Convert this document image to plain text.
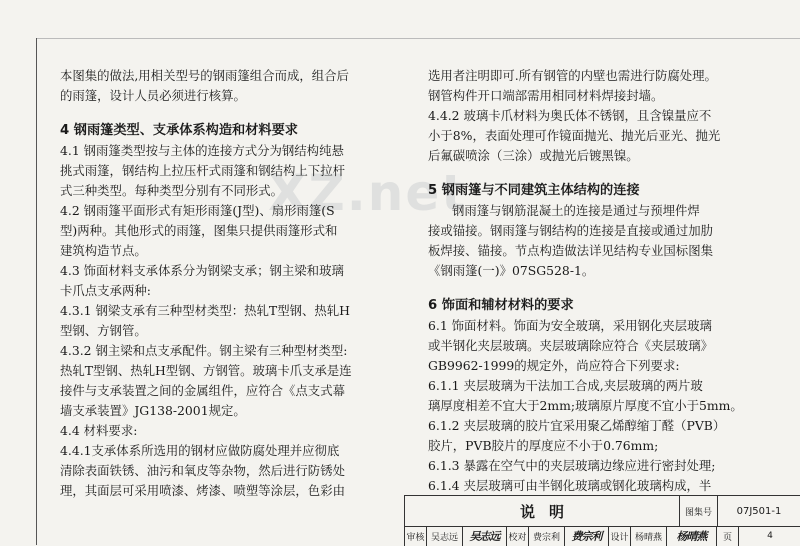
XZ.net

本图集的做法,用相关型号的钢雨篷组合而成，组合后

的雨篷，设计人员必须进行核算。

4 钢雨篷类型、支承体系构造和材料要求

4.1 钢雨篷类型按与主体的连接方式分为钢结构纯悬

挑式雨篷，钢结构上拉压杆式雨篷和钢结构上下拉杆

式三种类型。每种类型分别有不同形式。

4.2 钢雨篷平面形式有矩形雨篷(J型)、扇形雨篷(S

型)两种。其他形式的雨篷，图集只提供雨篷形式和

建筑构造节点。

4.3 饰面材料支承体系分为钢梁支承；钢主梁和玻璃

卡爪点支承两种:

4.3.1 钢梁支承有三种型材类型：热轧T型钢、热轧H

型钢、方钢管。

4.3.2 钢主梁和点支承配件。钢主梁有三种型材类型:

热轧T型钢、热轧H型钢、方钢管。玻璃卡爪支承是连

接件与支承装置之间的金属组件，应符合《点支式幕

墙支承装置》JG138-2001规定。

4.4 材料要求:

4.4.1支承体系所选用的钢材应做防腐处理并应彻底

清除表面铁锈、油污和氧皮等杂物，然后进行防锈处

理，其面层可采用喷漆、烤漆、喷塑等涂层，色彩由

选用者注明即可.所有钢管的内壁也需进行防腐处理。

钢管构件开口端部需用相同材料焊接封墙。

4.4.2 玻璃卡爪材料为奥氏体不锈钢，且含镍量应不

小于8%，表面处理可作镜面抛光、抛光后亚光、抛光

后氟碳喷涂（三涂）或抛光后镀黑镍。

5 钢雨篷与不同建筑主体结构的连接

钢雨篷与钢筋混凝土的连接是通过与预埋件焊

接或锚接。钢雨篷与钢结构的连接是直接或通过加肋

板焊接、锚接。节点构造做法详见结构专业国标图集

《钢雨篷(一)》07SG528-1。

6 饰面和辅材材料的要求

6.1 饰面材料。饰面为安全玻璃，采用钢化夹层玻璃

或半钢化夹层玻璃。夹层玻璃除应符合《夹层玻璃》

GB9962-1999的规定外，尚应符合下列要求:

6.1.1 夹层玻璃为干法加工合成,夹层玻璃的两片玻

璃厚度相差不宜大于2mm;玻璃原片厚度不宜小于5mm。

6.1.2 夹层玻璃的胶片宜采用聚乙烯醇缩丁醛（PVB）

胶片，PVB胶片的厚度应不小于0.76mm;

6.1.3 暴露在空气中的夹层玻璃边缘应进行密封处理;

6.1.4 夹层玻璃可由半钢化玻璃或钢化玻璃构成，半

说明	图集号	07J501-1
审核 吴志远	吴志远 校对 费宗利	费宗利 设计 杨晴燕	杨晴燕	页	4
